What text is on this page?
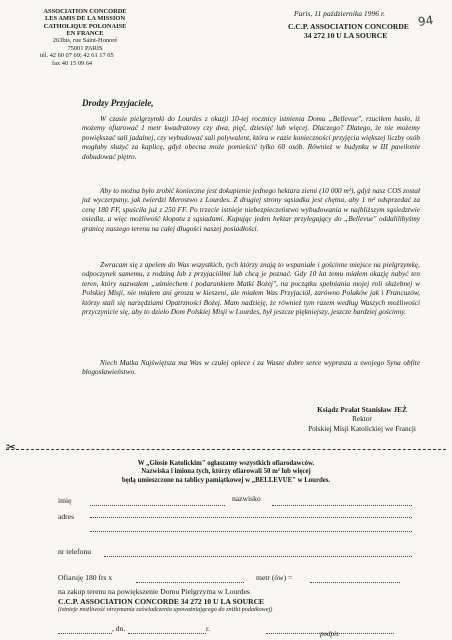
ASSOCIATION CONCORDE
LES AMIS DE LA MISSION
CATHOLIQUE POLONAISE
EN FRANCE
263bis, rue Saint-Honoré
75001 PARIS
tél. 42 60 07 69; 42 61 17 05
fax 40 15 09 64
Paris, 11 października 1996 r.
C.C.P. ASSOCIATION CONCORDE
34 272 10 U LA SOURCE
94
Drodzy Przyjaciele,

W czasie pielgrzymki do Lourdes z okazji 10-tej rocznicy istnienia Domu „Bellevue", rzuciłem hasło, iż możemy ofiarować 1 metr kwadratowy czy dwa, pięć, dziesięć lub więcej. Dlaczego? Dlatego, że nie możemy powiększać sali jadalnej, czy wybudować sali polywalent, która w razie konieczności przyjęcia większej liczby osób mogłaby służyć za kaplicę, gdyż obecna może pomieścić tylko 60 osób. Również w budynku w III pawilonie dobudować piętro.

Aby to można było zrobić konieczne jest dokupienie jednego hektara ziemi (10 000 m²), gdyż nasz COS został już wyczerpany, jak twierdzi Merostwo z Lourdes. Z drugiej strony sąsiadka jest chętna, aby 1 m² odsprzedać za cenę 180 FF, spuściła już z 250 FF. Po trzecie istnieje niebezpieczeństwo wybudowania w najbliższym sąsiedztwie osiedla, a więc możliwość kłopotu z sąsiadami. Kupując jeden hektar przylegający do „Bellevue" oddalilibyśmy granicę naszego terenu na całej długości naszej posiadłości.

Zwracam się z apelem do Was wszystkich, tych którzy znają to wspaniałe i gościnne miejsce na pielgrzymkę, odpoczynek samemu, z rodziną lub z przyjaciółmi lub chcą je poznać. Gdy 10 lat temu miałem okazję nabyć ten teren, który nazwałem „uśmiechem i podarunkiem Matki Bożej", na początku spełniania mojej roli służebnej w Polskiej Misji, nie miałem ani grosza w kieszeni, ale miałem Was Przyjaciół, zarówno Polaków jak i Francuzów, którzy stali się narzędziami Opatrzności Bożej. Mam nadzieję, że również tym razem według Waszych możliwości przyczynicie się, aby to dzieło Dom Polskiej Misji w Lourdes, był jeszcze piękniejszy, jeszcze bardziej gościnny.

Niech Matka Najświętsza ma Was w czułej opiece i za Wasze dobre serce wyprasza u swojego Syna obfite błogosławieństwo.

Ksiądz Prałat Stanisław JEŻ
Rektor
Polskiej Misji Katolickiej we Francji
✂
W „Głosie Katolickim" ogłaszamy wszystkich ofiarodawców.
Nazwiska i imiona tych, którzy ofiarowali 50 m² lub więcej
będą umieszczone na tablicy pamiątkowej w „BELLEVUE" w Lourdes.
imię	nazwisko
adres
nr telefonu
Ofiaruję 180 frs x	metr (ów) =
na zakup terenu na powiększenie Domu Pielgrzyma w Lourdes
C.C.P. ASSOCIATION CONCORDE 34 272 10 U LA SOURCE
(istnieje możliwość otrzymania zaświadczenia upoważniającego do zniżki podatkowej)
, dn.	r.
podpis
